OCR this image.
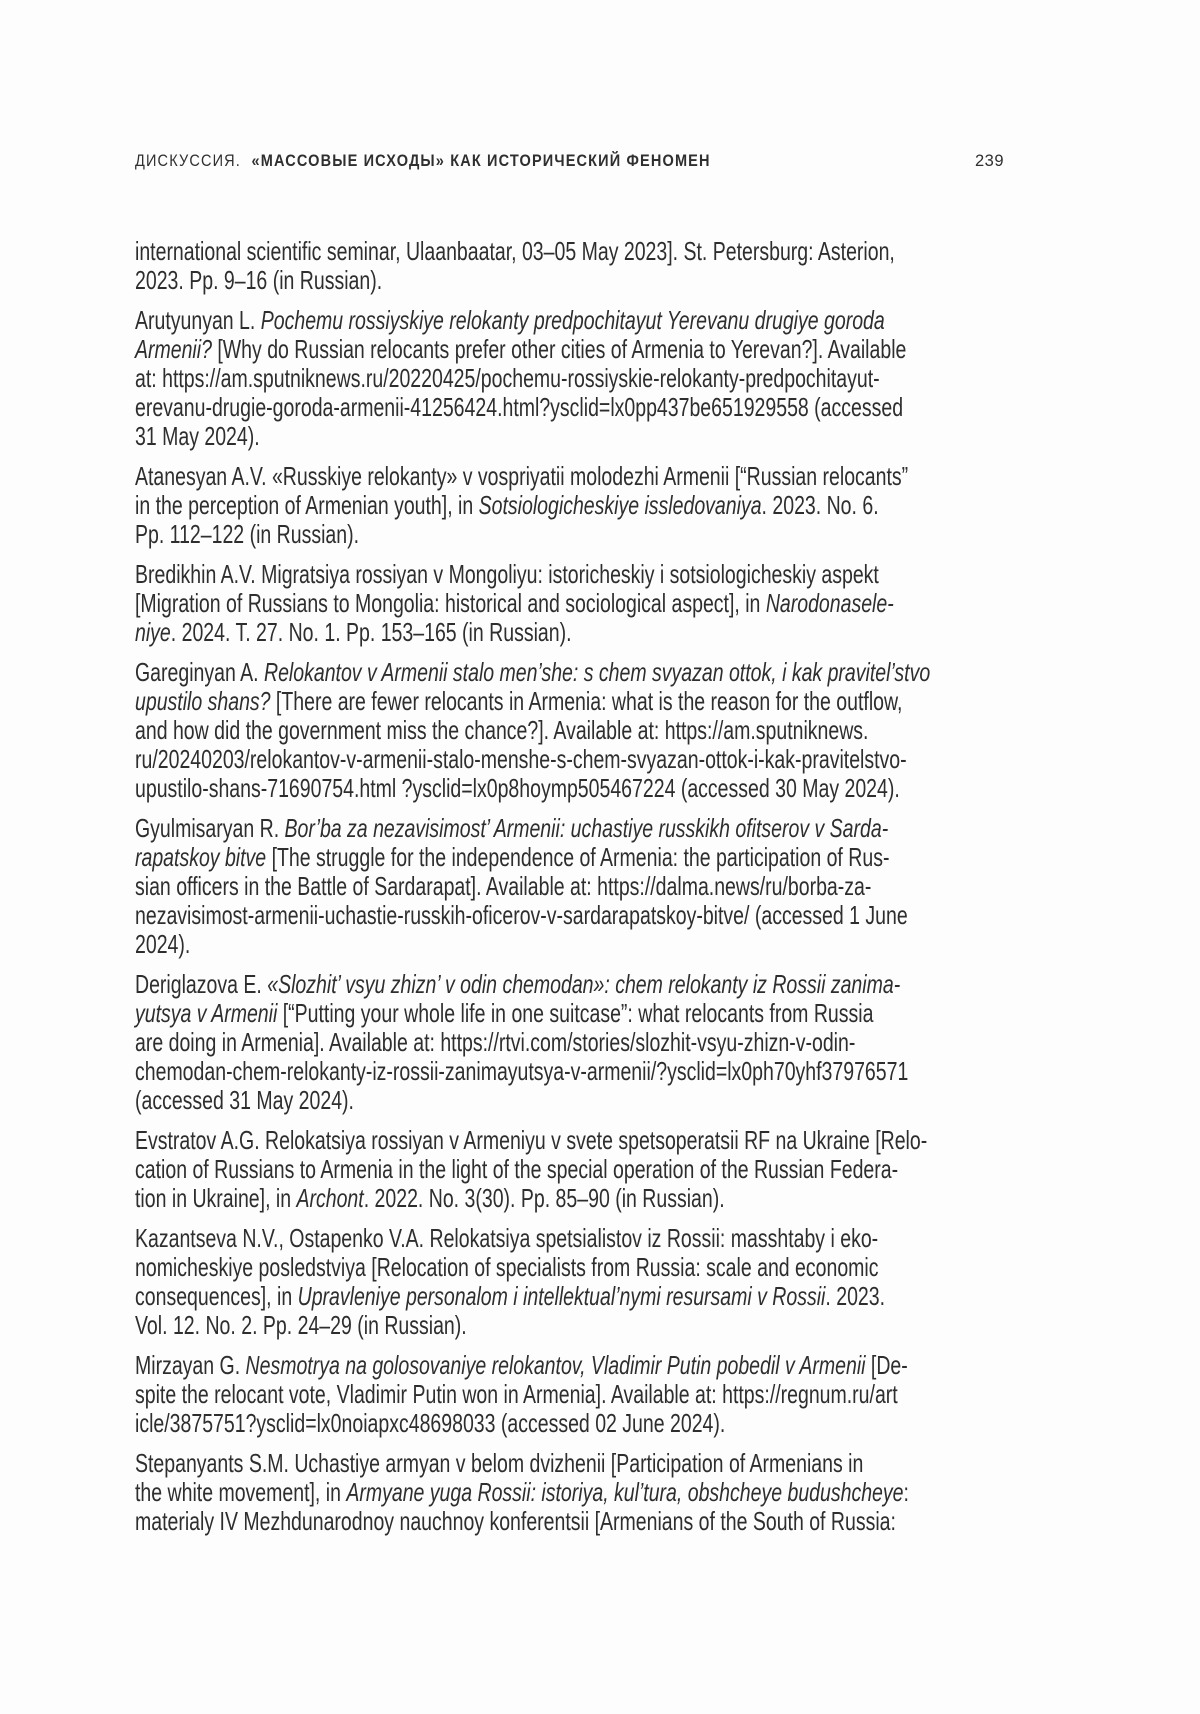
ДИСКУССИЯ. «МАССОВЫЕ ИСХОДЫ» КАК ИСТОРИЧЕСКИЙ ФЕНОМЕН	239

international scientific seminar, Ulaanbaatar, 03–05 May 2023]. St. Petersburg: Asterion,
2023. Pp. 9–16 (in Russian).

Arutyunyan L. Pochemu rossiyskiye relokanty predpochitayut Yerevanu drugiye goroda
Armenii? [Why do Russian relocants prefer other cities of Armenia to Yerevan?]. Available
at: https://am.sputniknews.ru/20220425/pochemu-rossiyskie-relokanty-predpochitayut-
erevanu-drugie-goroda-armenii-41256424.html?ysclid=lx0pp437be651929558 (accessed
31 May 2024).

Atanesyan A.V. «Russkiye relokanty» v vospriyatii molodezhi Armenii [“Russian relocants”
in the perception of Armenian youth], in Sotsiologicheskiye issledovaniya. 2023. No. 6.
Pp. 112–122 (in Russian).

Bredikhin A.V. Migratsiya rossiyan v Mongoliyu: istoricheskiy i sotsiologicheskiy aspekt
[Migration of Russians to Mongolia: historical and sociological aspect], in Narodonasele-
niye. 2024. T. 27. No. 1. Pp. 153–165 (in Russian).

Gareginyan A. Relokantov v Armenii stalo men’she: s chem svyazan ottok, i kak pravitel’stvo
upustilo shans? [There are fewer relocants in Armenia: what is the reason for the outflow,
and how did the government miss the chance?]. Available at: https://am.sputniknews.
ru/20240203/relokantov-v-armenii-stalo-menshe-s-chem-svyazan-ottok-i-kak-pravitelstvo-
upustilo-shans-71690754.html ?ysclid=lx0p8hoymp505467224 (accessed 30 May 2024).

Gyulmisaryan R. Bor’ba za nezavisimost’ Armenii: uchastiye russkikh ofitserov v Sarda-
rapatskoy bitve [The struggle for the independence of Armenia: the participation of Rus-
sian officers in the Battle of Sardarapat]. Available at: https://dalma.news/ru/borba-za-
nezavisimost-armenii-uchastie-russkih-oficerov-v-sardarapatskoy-bitve/ (accessed 1 June
2024).

Deriglazova E. «Slozhit’ vsyu zhizn’ v odin chemodan»: chem relokanty iz Rossii zanima-
yutsya v Armenii [“Putting your whole life in one suitcase”: what relocants from Russia
are doing in Armenia]. Available at: https://rtvi.com/stories/slozhit-vsyu-zhizn-v-odin-
chemodan-chem-relokanty-iz-rossii-zanimayutsya-v-armenii/?ysclid=lx0ph70yhf37976571
(accessed 31 May 2024).

Evstratov A.G. Relokatsiya rossiyan v Armeniyu v svete spetsoperatsii RF na Ukraine [Relo-
cation of Russians to Armenia in the light of the special operation of the Russian Federa-
tion in Ukraine], in Archont. 2022. No. 3(30). Pp. 85–90 (in Russian).

Kazantseva N.V., Ostapenko V.A. Relokatsiya spetsialistov iz Rossii: masshtaby i eko-
nomicheskiye posledstviya [Relocation of specialists from Russia: scale and economic
consequences], in Upravleniye personalom i intellektual’nymi resursami v Rossii. 2023.
Vol. 12. No. 2. Pp. 24–29 (in Russian).

Mirzayan G. Nesmotrya na golosovaniye relokantov, Vladimir Putin pobedil v Armenii [De-
spite the relocant vote, Vladimir Putin won in Armenia]. Available at: https://regnum.ru/art
icle/3875751?ysclid=lx0noiapxc48698033 (accessed 02 June 2024).

Stepanyants S.M. Uchastiye armyan v belom dvizhenii [Participation of Armenians in
the white movement], in Armyane yuga Rossii: istoriya, kul’tura, obshcheye budushcheye:
materialy IV Mezhdunarodnoy nauchnoy konferentsii [Armenians of the South of Russia:
